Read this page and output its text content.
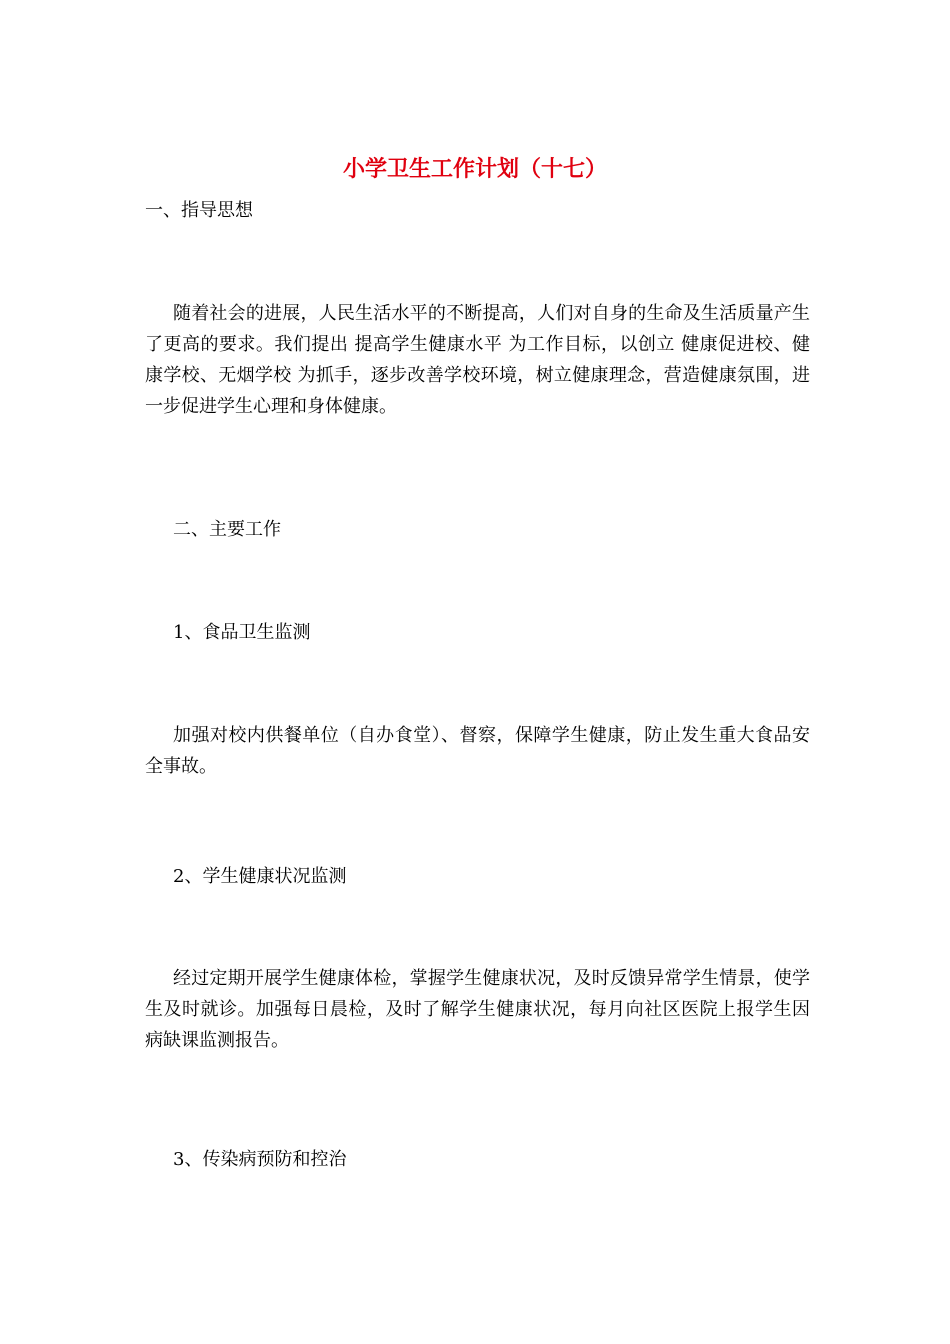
小学卫生工作计划（十七）
一、指导思想
随着社会的进展，人民生活水平的不断提高，人们对自身的生命及生活质量产生了更高的要求。我们提出 提高学生健康水平 为工作目标，以创立 健康促进校、健康学校、无烟学校 为抓手，逐步改善学校环境，树立健康理念，营造健康氛围，进一步促进学生心理和身体健康。
二、主要工作
1、食品卫生监测
加强对校内供餐单位（自办食堂）、督察，保障学生健康，防止发生重大食品安全事故。
2、学生健康状况监测
经过定期开展学生健康体检，掌握学生健康状况，及时反馈异常学生情景，使学生及时就诊。加强每日晨检，及时了解学生健康状况，每月向社区医院上报学生因病缺课监测报告。
3、传染病预防和控治
